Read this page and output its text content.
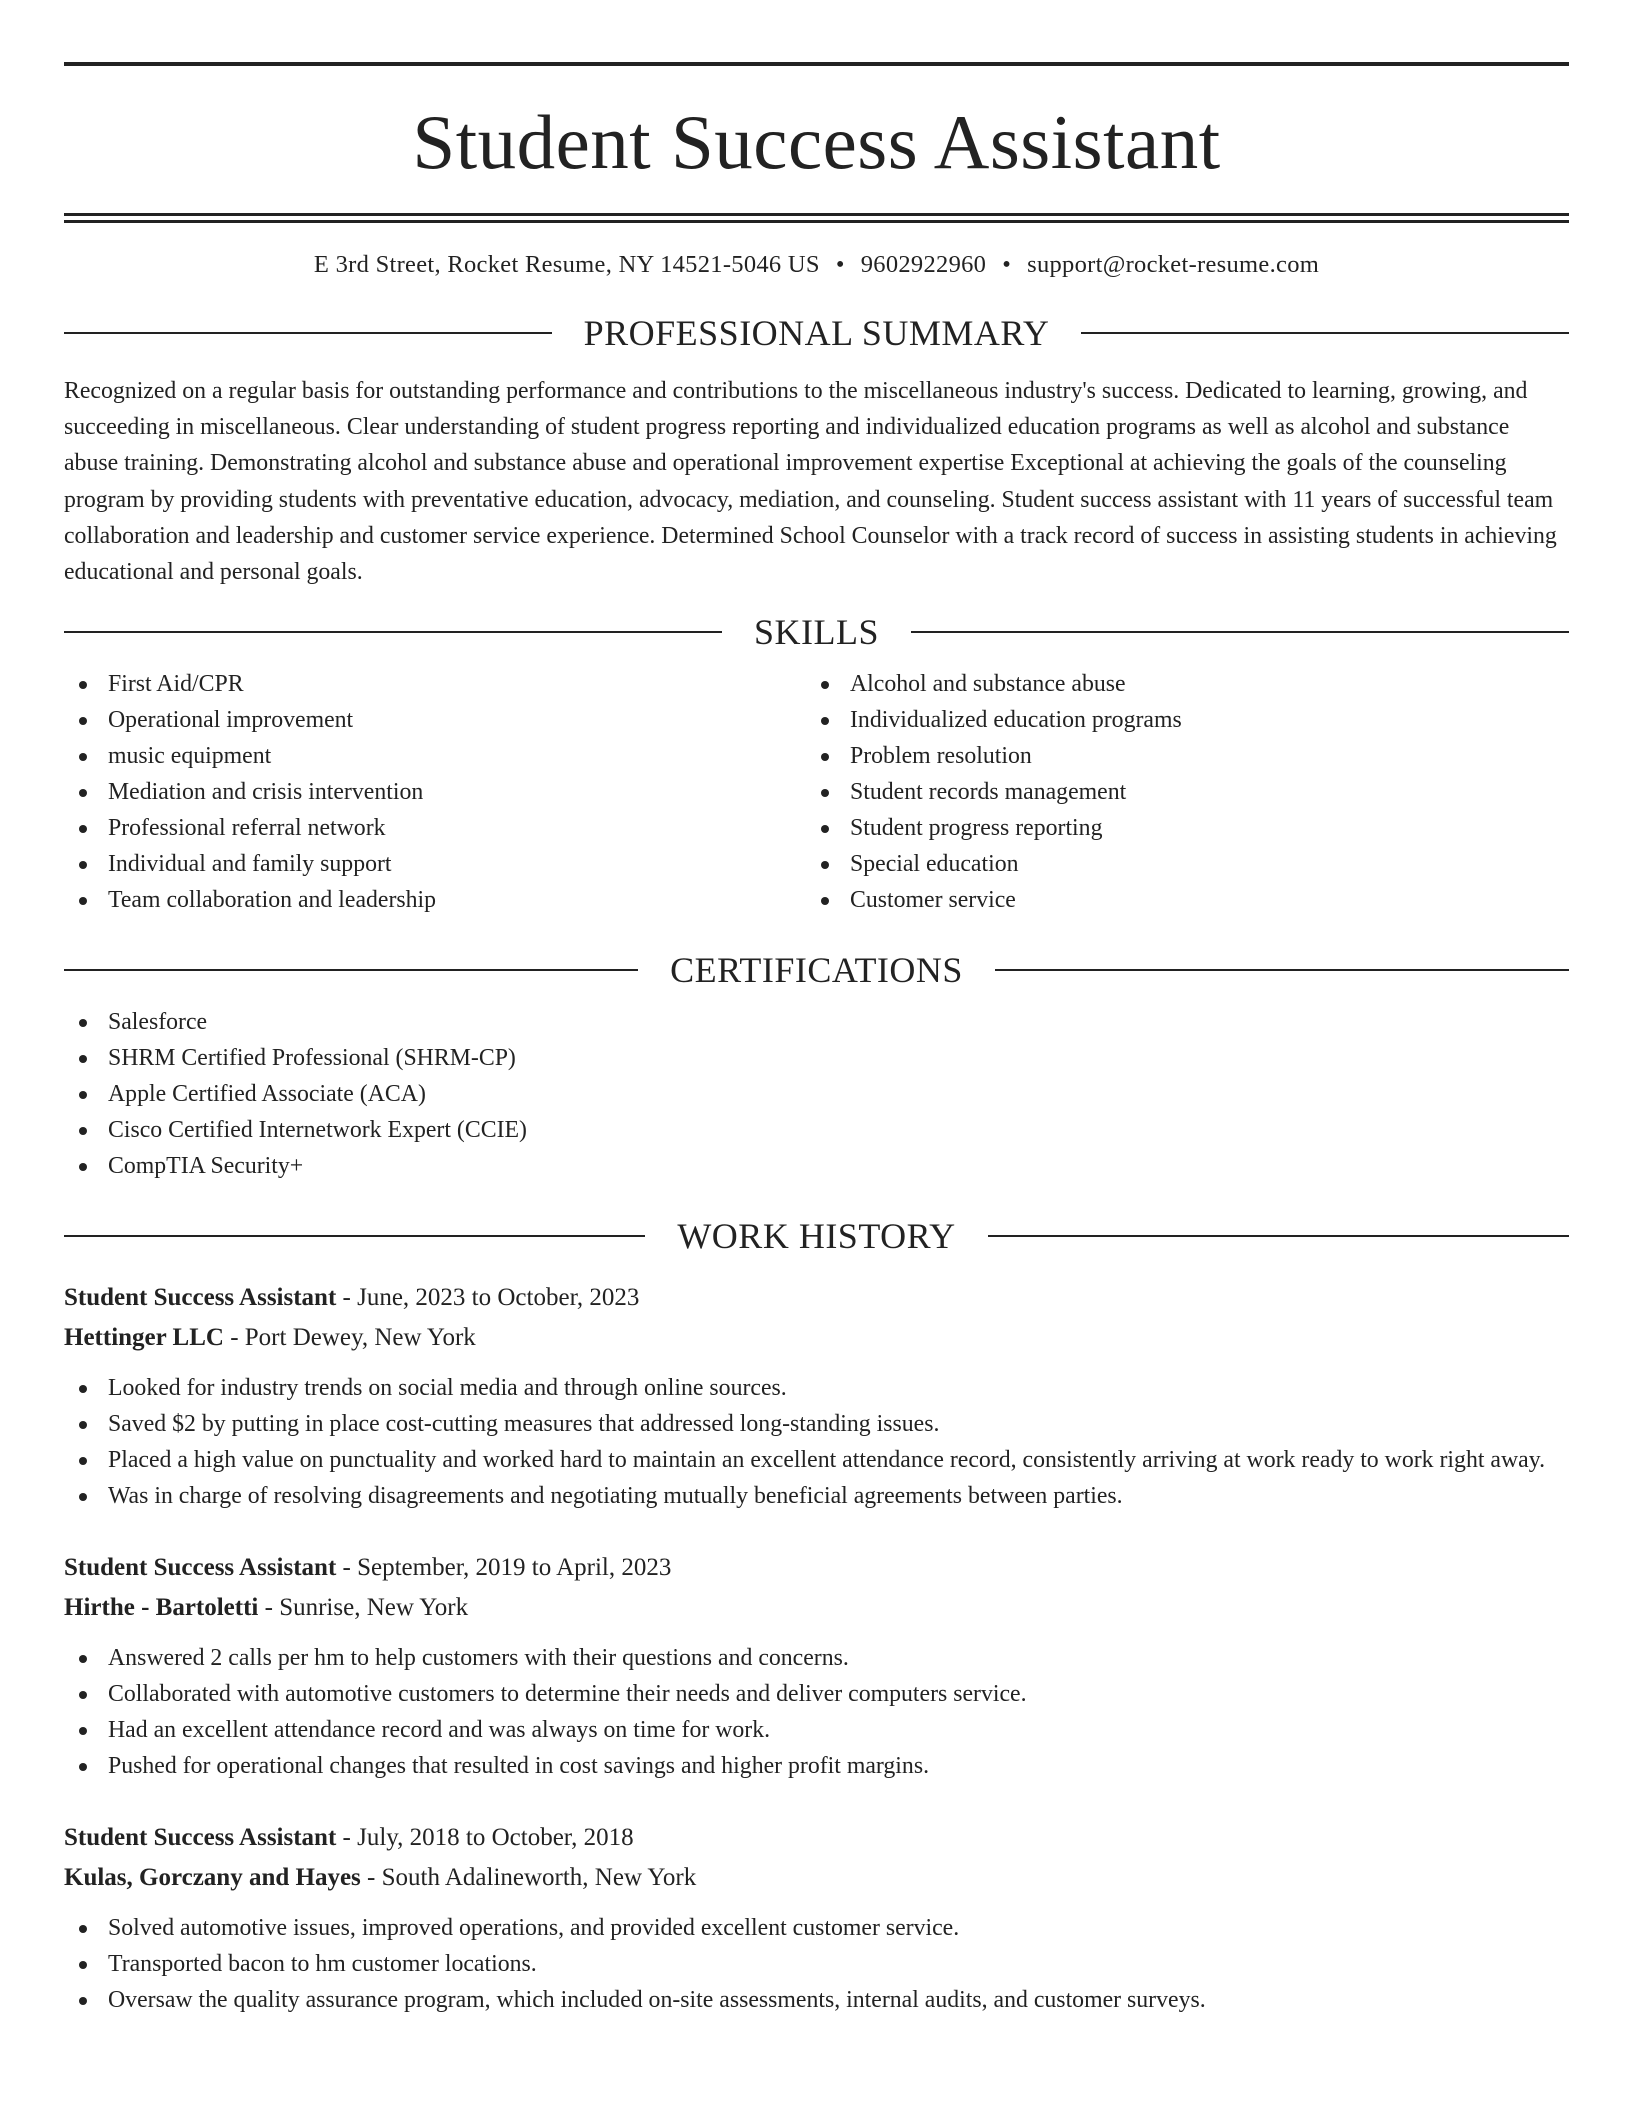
Student Success Assistant
E 3rd Street, Rocket Resume, NY 14521-5046 US • 9602922960 • support@rocket-resume.com
PROFESSIONAL SUMMARY

Recognized on a regular basis for outstanding performance and contributions to the miscellaneous industry's success. Dedicated to learning, growing, and succeeding in miscellaneous. Clear understanding of student progress reporting and individualized education programs as well as alcohol and substance abuse training. Demonstrating alcohol and substance abuse and operational improvement expertise Exceptional at achieving the goals of the counseling program by providing students with preventative education, advocacy, mediation, and counseling. Student success assistant with 11 years of successful team collaboration and leadership and customer service experience. Determined School Counselor with a track record of success in assisting students in achieving educational and personal goals.

SKILLS
First Aid/CPR
Operational improvement
music equipment
Mediation and crisis intervention
Professional referral network
Individual and family support
Team collaboration and leadership
Alcohol and substance abuse
Individualized education programs
Problem resolution
Student records management
Student progress reporting
Special education
Customer service
CERTIFICATIONS
Salesforce
SHRM Certified Professional (SHRM-CP)
Apple Certified Associate (ACA)
Cisco Certified Internetwork Expert (CCIE)
CompTIA Security+
WORK HISTORY
Student Success Assistant - June, 2023 to October, 2023
Hettinger LLC - Port Dewey, New York
Looked for industry trends on social media and through online sources.
Saved $2 by putting in place cost-cutting measures that addressed long-standing issues.
Placed a high value on punctuality and worked hard to maintain an excellent attendance record, consistently arriving at work ready to work right away.
Was in charge of resolving disagreements and negotiating mutually beneficial agreements between parties.
Student Success Assistant - September, 2019 to April, 2023
Hirthe - Bartoletti - Sunrise, New York
Answered 2 calls per hm to help customers with their questions and concerns.
Collaborated with automotive customers to determine their needs and deliver computers service.
Had an excellent attendance record and was always on time for work.
Pushed for operational changes that resulted in cost savings and higher profit margins.
Student Success Assistant - July, 2018 to October, 2018
Kulas, Gorczany and Hayes - South Adalineworth, New York
Solved automotive issues, improved operations, and provided excellent customer service.
Transported bacon to hm customer locations.
Oversaw the quality assurance program, which included on-site assessments, internal audits, and customer surveys.
